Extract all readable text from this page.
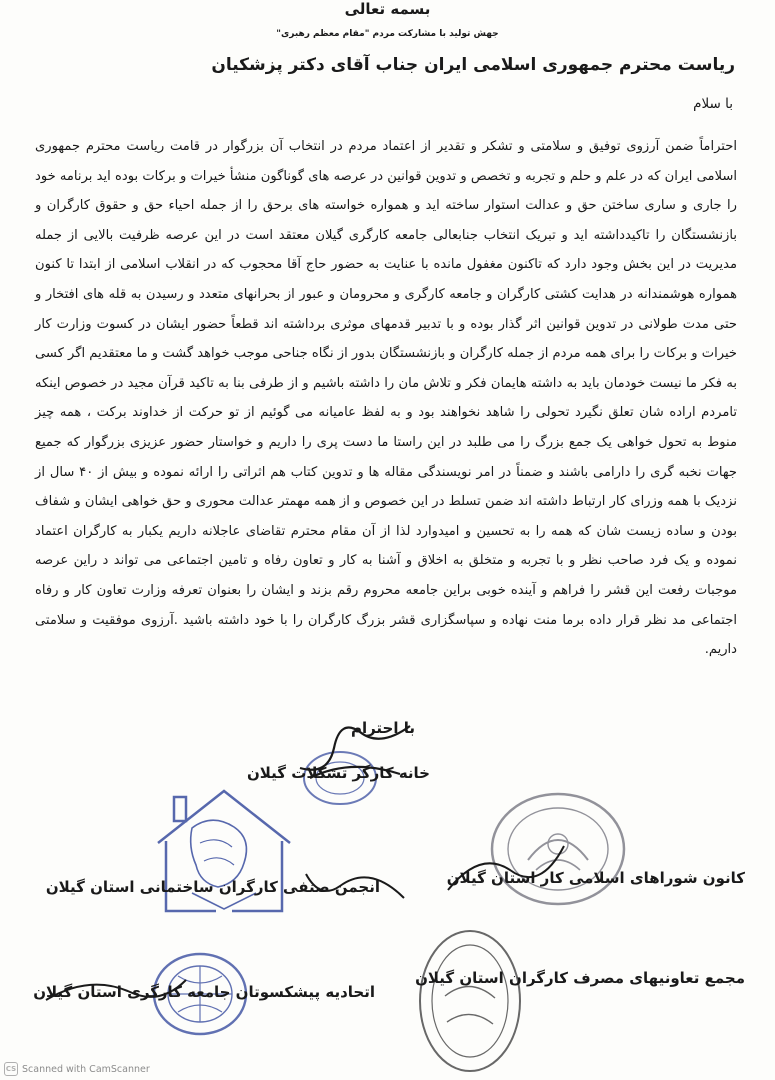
بسمه تعالی
جهش تولید با مشارکت مردم "مقام معظم رهبری"
ریاست محترم جمهوری اسلامی ایران جناب آقای دکتر پزشکیان
با سلام
احتراماً ضمن آرزوی توفیق و سلامتی و تشکر و تقدیر از اعتماد مردم در انتخاب آن بزرگوار در قامت ریاست محترم جمهوری اسلامی ایران که در علم و حلم و تجربه و تخصص و تدوین قوانین در عرصه های گوناگون منشأ خیرات و برکات بوده اید برنامه خود را جاری و ساری ساختن حق و عدالت استوار ساخته اید و همواره خواسته های برحق را از جمله احیاء حق و حقوق کارگران و بازنشستگان را تاکیدداشته اید و تبریک انتخاب جنابعالی جامعه کارگری گیلان معتقد است در این عرصه ظرفیت بالایی از جمله مدیریت در این بخش وجود دارد که تاکنون مغفول مانده با عنایت به حضور حاج آقا محجوب که در انقلاب اسلامی از ابتدا تا کنون همواره هوشمندانه در هدایت کشتی کارگران و جامعه کارگری و محرومان و عبور از بحرانهای متعدد و رسیدن به قله های افتخار و حتی مدت طولانی در تدوین قوانین اثر گذار بوده و با تدبیر قدمهای موثری برداشته اند قطعاً حضور ایشان در کسوت وزارت کار خیرات و برکات را برای همه مردم از جمله کارگران و بازنشستگان بدور از نگاه جناحی موجب خواهد گشت و ما معتقدیم اگر کسی به فکر ما نیست خودمان باید به داشته هایمان فکر و تلاش مان را داشته باشیم و از طرفی بنا به تاکید قرآن مجید در خصوص اینکه تامردم اراده شان تعلق نگیرد تحولی را شاهد نخواهند بود و به لفظ عامیانه می گوئیم از تو حرکت از خداوند برکت ، همه چیز منوط به تحول خواهی یک جمع بزرگ را می طلبد در این راستا ما دست پری را داریم و خواستار حضور عزیزی بزرگوار که جمیع جهات نخبه گری را دارامی باشند و ضمناً در امر نویسندگی مقاله ها و تدوین کتاب هم اثراتی را ارائه نموده و بیش از ۴۰ سال از نزدیک با همه وزرای کار ارتباط داشته اند ضمن تسلط در این خصوص و از همه مهمتر عدالت محوری و حق خواهی ایشان و شفاف بودن و ساده زیست شان که همه را به تحسین و امیدوارد لذا از آن مقام محترم تقاضای عاجلانه داریم یکبار به کارگران اعتماد نموده و یک فرد صاحب نظر و با تجربه و متخلق به اخلاق و آشنا به کار و تعاون رفاه و تامین اجتماعی می تواند د راین عرصه موجبات رفعت این قشر را فراهم و آینده خوبی براین جامعه محروم رقم بزند و ایشان را بعنوان تعرفه وزارت تعاون کار و رفاه اجتماعی مد نظر قرار داده برما منت نهاده و سپاسگزاری قشر بزرگ کارگران را با خود داشته باشید .آرزوی موفقیت و سلامتی داریم.
با احترام
خانه کارگر تشکلات گیلان
کانون شوراهای اسلامی کار استان گیلان
انجمن صنفی کارگران ساختمانی استان گیلان
مجمع تعاونیهای مصرف کارگران استان گیلان
اتحادیه پیشکسوتان جامعه کارگری استان گیلان
CS Scanned with CamScanner
